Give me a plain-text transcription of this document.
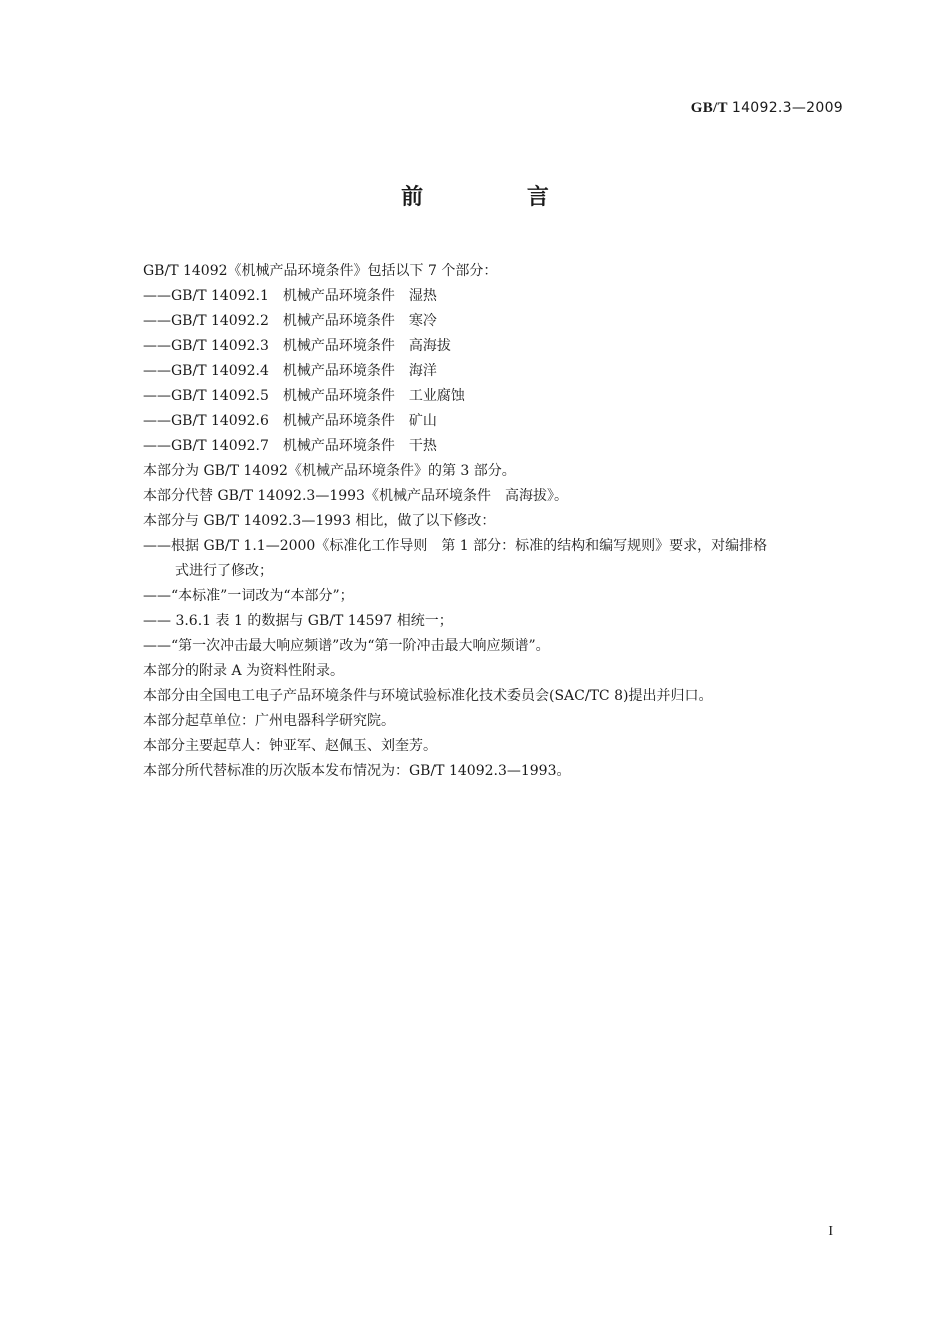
GB/T 14092.3—2009
前 言
GB/T 14092《机械产品环境条件》包括以下 7 个部分：
——GB/T 14092.1　机械产品环境条件　湿热
——GB/T 14092.2　机械产品环境条件　寒冷
——GB/T 14092.3　机械产品环境条件　高海拔
——GB/T 14092.4　机械产品环境条件　海洋
——GB/T 14092.5　机械产品环境条件　工业腐蚀
——GB/T 14092.6　机械产品环境条件　矿山
——GB/T 14092.7　机械产品环境条件　干热
本部分为 GB/T 14092《机械产品环境条件》的第 3 部分。
本部分代替 GB/T 14092.3—1993《机械产品环境条件　高海拔》。
本部分与 GB/T 14092.3—1993 相比，做了以下修改：
——根据 GB/T 1.1—2000《标准化工作导则　第 1 部分：标准的结构和编写规则》要求，对编排格
式进行了修改；
——“本标准”一词改为“本部分”；
—— 3.6.1 表 1 的数据与 GB/T 14597 相统一；
——“第一次冲击最大响应频谱”改为“第一阶冲击最大响应频谱”。
本部分的附录 A 为资料性附录。
本部分由全国电工电子产品环境条件与环境试验标准化技术委员会(SAC/TC 8)提出并归口。
本部分起草单位：广州电器科学研究院。
本部分主要起草人：钟亚军、赵佩玉、刘奎芳。
本部分所代替标准的历次版本发布情况为：GB/T 14092.3—1993。
I
